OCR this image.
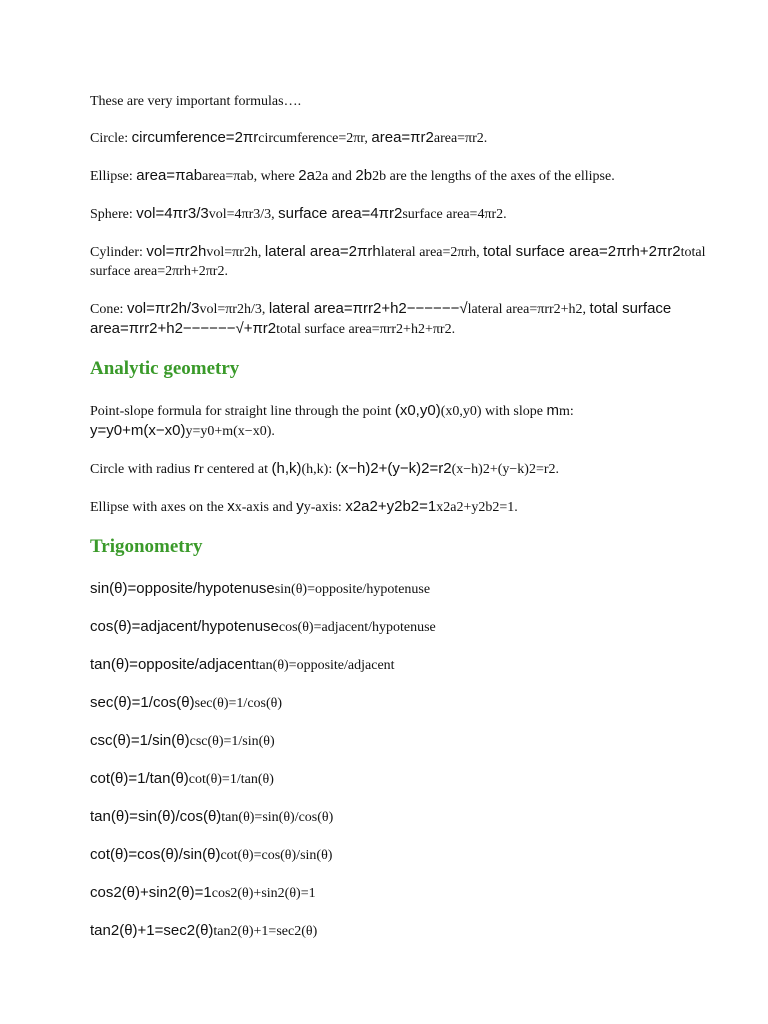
These are very important formulas….

Circle: circumference=2πrcircumference=2πr, area=πr2area=πr2.

Ellipse: area=πabarea=πab, where 2a2a and 2b2b are the lengths of the axes of the ellipse.

Sphere: vol=4πr3/3vol=4πr3/3, surface area=4πr2surface area=4πr2.

Cylinder: vol=πr2hvol=πr2h, lateral area=2πrhlateral area=2πrh, total surface area=2πrh+2πr2total surface area=2πrh+2πr2.

Cone: vol=πr2h/3vol=πr2h/3, lateral area=πrr2+h2−−−−−−√lateral area=πrr2+h2, total surface area=πrr2+h2−−−−−−√+πr2total surface area=πrr2+h2+πr2.

Analytic geometry

Point-slope formula for straight line through the point (x0,y0)(x0,y0) with slope mm: y=y0+m(x−x0)y=y0+m(x−x0).

Circle with radius rr centered at (h,k)(h,k): (x−h)2+(y−k)2=r2(x−h)2+(y−k)2=r2.

Ellipse with axes on the xx-axis and yy-axis: x2a2+y2b2=1x2a2+y2b2=1.

Trigonometry

sin(θ)=opposite/hypotenusesin(θ)=opposite/hypotenuse

cos(θ)=adjacent/hypotenusecos(θ)=adjacent/hypotenuse

tan(θ)=opposite/adjacenttan(θ)=opposite/adjacent

sec(θ)=1/cos(θ)sec(θ)=1/cos(θ)

csc(θ)=1/sin(θ)csc(θ)=1/sin(θ)

cot(θ)=1/tan(θ)cot(θ)=1/tan(θ)

tan(θ)=sin(θ)/cos(θ)tan(θ)=sin(θ)/cos(θ)

cot(θ)=cos(θ)/sin(θ)cot(θ)=cos(θ)/sin(θ)

cos2(θ)+sin2(θ)=1cos2(θ)+sin2(θ)=1

tan2(θ)+1=sec2(θ)tan2(θ)+1=sec2(θ)
